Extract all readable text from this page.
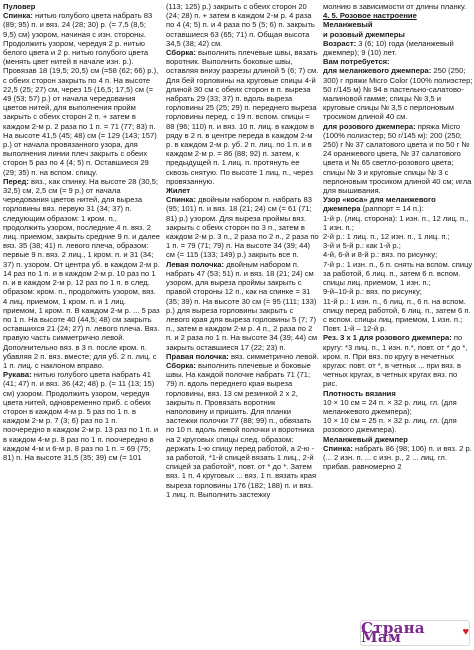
Пуловер

Спинка: нитью голубого цвета набрать 83 (89; 95) п. и вяз. 24 (28; 30) р. (= 7,5 (8,5; 9,5) см) узором, начиная с изн. стороны. Продолжить узором, чередуя 2 р. нитью белого цвета и 2 р. нитью голубого цвета (менять цвет нитей в начале изн. р.). Провязав 18 (19,5; 20,5) см (=58 (62; 66) р.), с обеих сторон закрыть по 4 п. На высоте 22,5 (25; 27) см, через 15 (16,5; 17,5) см (= 49 (53; 57) р.) от начала чередования цветов нитей, для выполнения пройм закрыть с обеих сторон 2 п. + затем в каждом 2-м р. 2 раза по 1 п. = 71 (77; 83) п. На высоте 41,5 (45; 48) см (= 129 (143; 157) р.) от начала провязанного узора, для выполнения линии плеч закрыть с обеих сторон 5 раз по 4 (4; 5) п. Оставшиеся 29 (29; 35) п. на вспом. спицу.

Перед: вяз., как спинку. На высоте 28 (30,5; 32,5) см, 2,5 см (= 9 р.) от начала чередования цветов нитей, для выреза горловины вяз. первую 31 (34; 37) п. следующим образом: 1 кром. п., продолжить узором, последние 4 п. вяз. 2 лиц. приемом, закрыть средние 9 п. и далее вяз. 35 (38; 41) п. левого плеча, образом: первые 9 п. вяз. 2 лиц., 1 кром. п. и 31 (34; 37) п. узором. От центра уб. в каждом 2-м р. 14 раз по 1 п. и в каждом 2-м р. 10 раз по 1 п. и в каждом 2-м р. 12 раз по 1 п. в след. образом: кром. п., продолжить узором, вяз. 4 лиц. приемом, 1 кром. п. и 1 лиц. приемом, 1 кром. п. В каждом 2-м р. ... 5 раз по 1 п. На высоте 40 (44,5; 48) см закрыть оставшихся 21 (24; 27) п. левого плеча. Вяз. правую часть симметрично левой. Дополнительно вяз. в 3 п. после кром. п. убавляя 2 п. вяз. вместе; для уб. 2 п. лиц. с 1 п. лиц. с наклоном вправо.

Рукава: нитью голубого цвета набрать 41 (41; 47) п. и вяз. 36 (42; 48) р. (= 11 (13; 15) см) узором. Продолжить узором, чередуя цвета нитей, одновременно приб. с обеих сторон в каждом 4-м р. 5 раз по 1 п. в каждом 2-м р. 7 (3; 6) раз по 1 п. поочередно в каждом 2-м р. 13 раз по 1 п. и в каждом 4-м р. 8 раз по 1 п. поочередно в каждом 4-м и 6-м р. 8 раз по 1 п. = 69 (75; 81) п. На высоте 31,5 (35; 39) см (= 101

(113; 125) р.) закрыть с обеих сторон 20 (24; 28) п. + затем в каждом 2-м р. 4 раза по 4 (4; 5) п. и 4 раза по 5 (5; 6) п. закрыть оставшиеся 63 (65; 71) п. Общая высота 34,5 (38; 42) см.

Сборка: выполнить плечевые швы, вязать воротник. Выполнить боковые швы, оставляя внизу разрезы длиной 5 (6; 7) см. Для бей горловины на круговые спицы 4-й длиной 30 см с обеих сторон в п. выреза набрать 29 (33; 37) п. вдоль выреза горловины 25 (25; 29) п. переднего выреза горловины перед. с 19 п. вспом. спицы = 88 (96; 110) п. и вяз. 10 п. лиц. в каждом в ряду в 2 п. в центре переда в каждом 2-м р. в каждом 2-м р. уб. 2 п. лиц. по 1 п. и в каждом 2-м р. = 86 (88; 92) п. затем, к предыдущей п. 1 лиц. п. протянуть ее сквозь снятую. По высоте 1 лиц. п., через провязанную.

Жилет

Спинка: двойным набором п. набрать 83 (95; 101) п. и вяз. 18 (21; 24) см (= 61 (71; 81) р.) узором. Для выреза проймы вяз. закрыть с обеих сторон по 3 п., затем в каждом 2-м р. 3 п., 2 раза по 2 п., 2 раза по 1 п. = 79 (71; 79) п. На высоте 34 (39; 44) см (= 115 (133; 149) р.) закрыть все п.

Левая полочка: двойным набором п. набрать 47 (53; 51) п. и вяз. 18 (21; 24) см узором, для выреза проймы закрыть с правой стороны 12 п., как на спинке = 31 (35; 39) п. На высоте 30 см (= 95 (111; 133) р.) для выреза горловины закрыть с левого края для выреза горловины 5 (7; 7) п., затем в каждом 2-м р. 4 п., 2 раза по 2 п. и 2 раза по 1 п. На высоте 34 (39; 44) см закрыть оставшиеся 17 (22; 23) п.

Правая полочка: вяз. симметрично левой.

Сборка: выполнить плечевые и боковые швы. На каждой полочке набрать 71 (71; 79) п. вдоль переднего края выреза горловины, вяз. 13 см резинкой 2 x 2, закрыть п. Провязать воротник наполовину и пришить. Для планки застежки полочки 77 (88; 99) п., обвязать по 10 п. вдоль левой полочки и воротника на 2 круговых спицы след. образом: держать 1-ю спицу перед работой, а 2-ю - за работой, *1-й спицей вязать 1 лиц., 2-й спицей за работой*, повт. от * до *. Затем вяз. 1 п. 4 круговых ... вяз. 1 п. вязать края выреза горловины 176 (182; 188) п. и вяз. 1 лиц. п. Выполнить застежку

молнию в зависимости от длины планку.

4. 5. Розовое настроение

Меланжевый

и розовый джемперы

Возраст: 3 (6; 10) года (меланжевый джемпер); 9 (10) лет.

Вам потребуется:

для меланжевого джемпера: 250 (250; 300) г пряжи Micro Color (100% полиэстер; 50 г/145 м) № 94 в пастельно-салатово-малиновой гамме; спицы № 3,5 и круговые спицы № 3,5 с перлоновым тросиком длиной 40 см.

для розового джемпера: пряжа Micro (100% полиэстер; 50 г/145 м): 200 (250; 250) г № 37 салатового цвета и по 50 г № 24 оранжевого цвета, № 37 салатового цвета и № 65 светло-розового цвета; спицы № 3 и круговые спицы № 3 с перлоновым тросиком длиной 40 см; игла для вышивания.

Узор «коса» для меланжевого джемпера (раппорт = 14 п.):

1-й р. (лиц. сторона): 1 изн. п., 12 лиц. п., 1 изн. п.;

2-й р.: 1 лиц. п., 12 изн. п., 1 лиц. п.;

3-й и 5-й р.: как 1-й р.;

4-й, 6-й и 8-й р.: вяз. по рисунку;

7-й р.: 1 изн. п., 6 п. снять на вспом. спицу за работой, 6 лиц. п., затем 6 п. вспом. спицы лиц. приемом, 1 изн. п.;

9-й–10-й р.: вяз. по рисунку;

11-й р.: 1 изн. п., 6 лиц. п., 6 п. на вспом. спицу перед работой, 6 лиц. п., затем 6 п. с вспом. спицы лиц. приемом, 1 изн. п.;

Повт. 1-й – 12-й р.

Рез. 3 х 1 для розового джемпера: по кругу: *3 лиц. п., 1 изн. п.*, повт. от * до *, кром. п. При вяз. по кругу в нечетных кругах: повт. от *, в четных ... при вяз. в четных кругах, в четных кругах вяз. по рис.

Плотность вязания

10 × 10 см = 24 п. × 32 р. лиц. гл. (для меланжевого джемпера);

10 × 10 см = 25 п. × 32 р. лиц. гл. (для розового джемпера).

Меланжевый джемпер

Спинка: набрать 86 (98; 106) п. и вяз. 2 р. (... 2 изн. п. ... с изн. р., 2 ... лиц. гл. прибав. равномерно 2

Страна Мам	♥
